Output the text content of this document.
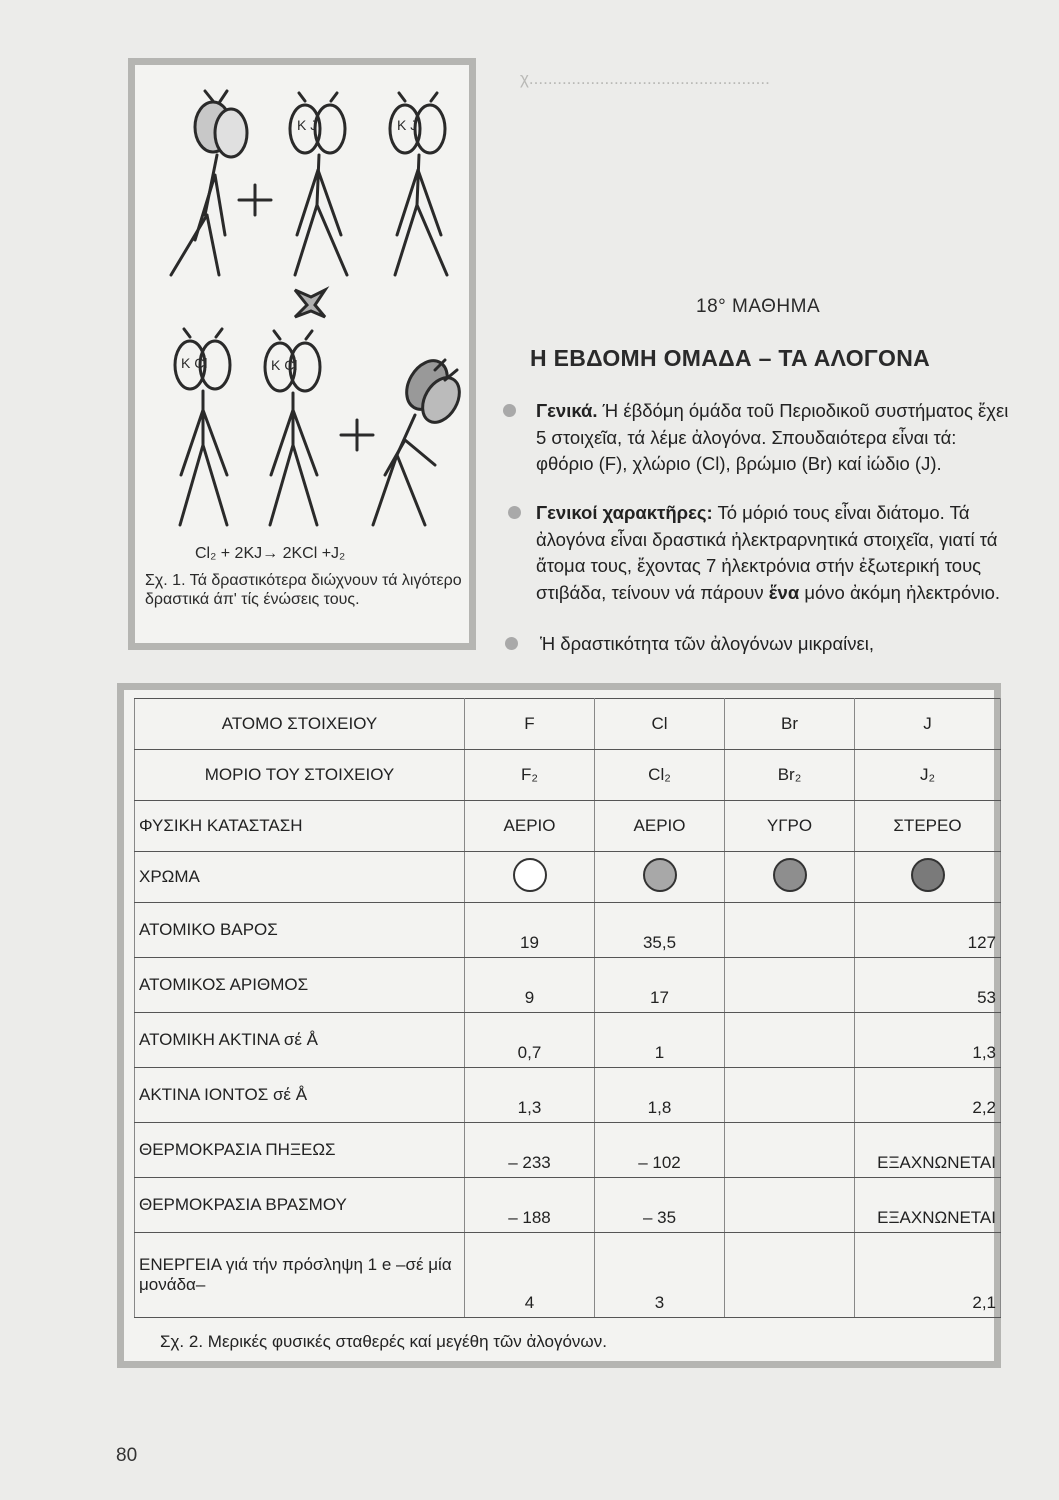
χ...................................................
K J	K J
K Cl	K Cl
Cl₂ + 2KJ→ 2KCl +J₂
Σχ. 1. Τά δραστικότερα διώχνουν τά λιγότερο δραστικά άπ' τίς ένώσεις τους.
18° ΜΑΘΗΜΑ
Η ΕΒΔΟΜΗ ΟΜΑΔΑ – ΤΑ ΑΛΟΓΟΝΑ
Γενικά. Ή έβδόμη όμάδα τοῦ Περιοδικοῦ συστήματος ἔχει 5 στοιχεῖα, τά λέμε ἀλογόνα. Σπουδαιότερα εἶναι τά: φθόριο (F), χλώριο (Cl), βρώμιο (Br) καί ἰώδιο (J).
Γενικοί χαρακτῆρες: Τό μόριό τους εἶναι διάτομο. Τά ἀλογόνα εἶναι δραστικά ἠλεκτραρνητικά στοιχεῖα, γιατί τά ἄτομα τους, ἔχοντας 7 ἠλεκτρόνια στήν ἐξωτερική τους στιβάδα, τείνουν νά πάρουν ἕνα μόνο ἀκόμη ἠλεκτρόνιο.
Ἡ δραστικότητα τῶν ἀλογόνων μικραίνει,
ΑΤΟΜΟ ΣΤΟΙΧΕΙΟΥ	F	Cl	Br	J
ΜΟΡΙΟ ΤΟΥ ΣΤΟΙΧΕΙΟΥ	F₂	Cl₂	Br₂	J₂
ΦΥΣΙΚΗ ΚΑΤΑΣΤΑΣΗ	ΑΕΡΙΟ	ΑΕΡΙΟ	ΥΓΡΟ	ΣΤΕΡΕΟ
ΧΡΩΜΑ				
ΑΤΟΜΙΚΟ ΒΑΡΟΣ	19	35,5		127
ΑΤΟΜΙΚΟΣ ΑΡΙΘΜΟΣ	9	17		53
ΑΤΟΜΙΚΗ ΑΚΤΙΝΑ σέ Å	0,7	1		1,3
ΑΚΤΙΝΑ ΙΟΝΤΟΣ σέ Å	1,3	1,8		2,2
ΘΕΡΜΟΚΡΑΣΙΑ ΠΗΞΕΩΣ	– 233	– 102		ΕΞΑΧΝΩΝΕΤΑΙ
ΘΕΡΜΟΚΡΑΣΙΑ ΒΡΑΣΜΟΥ	– 188	– 35		ΕΞΑΧΝΩΝΕΤΑΙ
ΕΝΕΡΓΕΙΑ γιά τήν πρόσληψη 1 e –σέ μία μονάδα–	4	3		2,1
Σχ. 2. Μερικές φυσικές σταθερές καί μεγέθη τῶν ἀλογόνων.
80
